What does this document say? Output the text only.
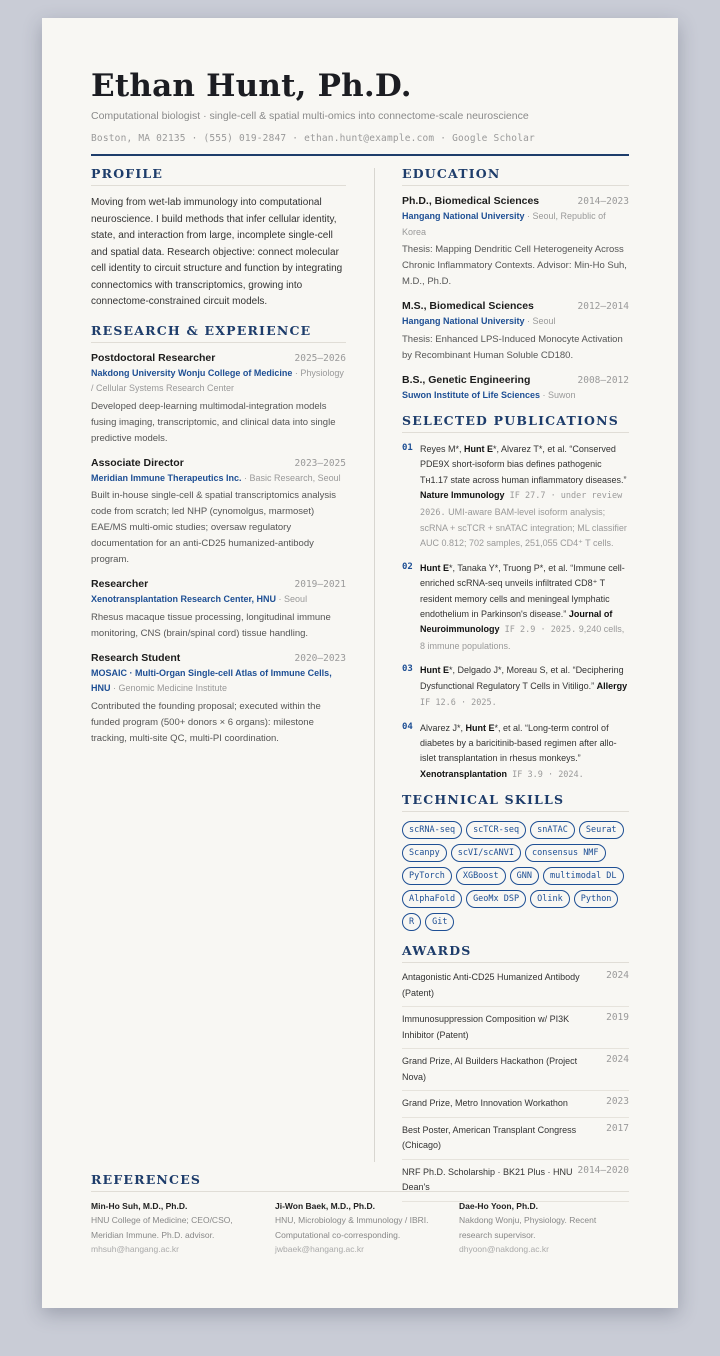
Ethan Hunt, Ph.D.
Computational biologist · single-cell & spatial multi-omics into connectome-scale neuroscience
Boston, MA 02135 · (555) 019-2847 · ethan.hunt@example.com · Google Scholar
PROFILE
Moving from wet-lab immunology into computational neuroscience. I build methods that infer cellular identity, state, and interaction from large, incomplete single-cell and spatial data. Research objective: connect molecular cell identity to circuit structure and function by integrating connectomics with transcriptomics, growing into connectome-constrained circuit models.
RESEARCH & EXPERIENCE
Postdoctoral Researcher	2025–2026
Nakdong University Wonju College of Medicine · Physiology / Cellular Systems Research Center
Developed deep-learning multimodal-integration models fusing imaging, transcriptomic, and clinical data into single predictive models.
Associate Director	2023–2025
Meridian Immune Therapeutics Inc. · Basic Research, Seoul
Built in-house single-cell & spatial transcriptomics analysis code from scratch; led NHP (cynomolgus, marmoset) EAE/MS multi-omic studies; oversaw regulatory documentation for an anti-CD25 humanized-antibody program.
Researcher	2019–2021
Xenotransplantation Research Center, HNU · Seoul
Rhesus macaque tissue processing, longitudinal immune monitoring, CNS (brain/spinal cord) tissue handling.
Research Student	2020–2023
MOSAIC · Multi-Organ Single-cell Atlas of Immune Cells, HNU · Genomic Medicine Institute
Contributed the founding proposal; executed within the funded program (500+ donors × 6 organs): milestone tracking, multi-site QC, multi-PI coordination.
EDUCATION
Ph.D., Biomedical Sciences	2014–2023
Hangang National University · Seoul, Republic of Korea
Thesis: Mapping Dendritic Cell Heterogeneity Across Chronic Inflammatory Contexts. Advisor: Min-Ho Suh, M.D., Ph.D.
M.S., Biomedical Sciences	2012–2014
Hangang National University · Seoul
Thesis: Enhanced LPS-Induced Monocyte Activation by Recombinant Human Soluble CD180.
B.S., Genetic Engineering	2008–2012
Suwon Institute of Life Sciences · Suwon
SELECTED PUBLICATIONS
01 Reyes M*, Hunt E*, Alvarez T*, et al. “Conserved PDE9X short-isoform bias defines pathogenic Tʜ1.17 state across human inflammatory diseases.” Nature Immunology IF 27.7 · under review 2026. UMI-aware BAM-level isoform analysis; scRNA + scTCR + snATAC integration; ML classifier AUC 0.812; 702 samples, 251,055 CD4⁺ T cells.
02 Hunt E*, Tanaka Y*, Truong P*, et al. “Immune cell-enriched scRNA-seq unveils infiltrated CD8⁺ T resident memory cells and meningeal lymphatic endothelium in Parkinson's disease.” Journal of Neuroimmunology IF 2.9 · 2025. 9,240 cells, 8 immune populations.
03 Hunt E*, Delgado J*, Moreau S, et al. “Deciphering Dysfunctional Regulatory T Cells in Vitiligo.” Allergy IF 12.6 · 2025.
04 Alvarez J*, Hunt E*, et al. “Long-term control of diabetes by a baricitinib-based regimen after allo-islet transplantation in rhesus monkeys.” Xenotransplantation IF 3.9 · 2024.
TECHNICAL SKILLS
scRNA-seq	scTCR-seq	snATAC	Seurat
Scanpy	scVI/scANVI	consensus NMF
PyTorch	XGBoost	GNN	multimodal DL
AlphaFold	GeoMx DSP	Olink	Python
R	Git
AWARDS
Antagonistic Anti-CD25 Humanized Antibody (Patent)
2024
Immunosuppression Composition w/ PI3K Inhibitor (Patent)
2019
Grand Prize, AI Builders Hackathon (Project Nova)
2024
Grand Prize, Metro Innovation Workathon	2023
Best Poster, American Transplant Congress (Chicago)
2017
NRF Ph.D. Scholarship · BK21 Plus · HNU Dean's
2014–2020
REFERENCES
Min-Ho Suh, M.D., Ph.D.
HNU College of Medicine; CEO/CSO, Meridian Immune. Ph.D. advisor.
mhsuh@hangang.ac.kr
Ji-Won Baek, M.D., Ph.D.
HNU, Microbiology & Immunology / IBRI. Computational co-corresponding.
jwbaek@hangang.ac.kr
Dae-Ho Yoon, Ph.D.
Nakdong Wonju, Physiology. Recent research supervisor.
dhyoon@nakdong.ac.kr
